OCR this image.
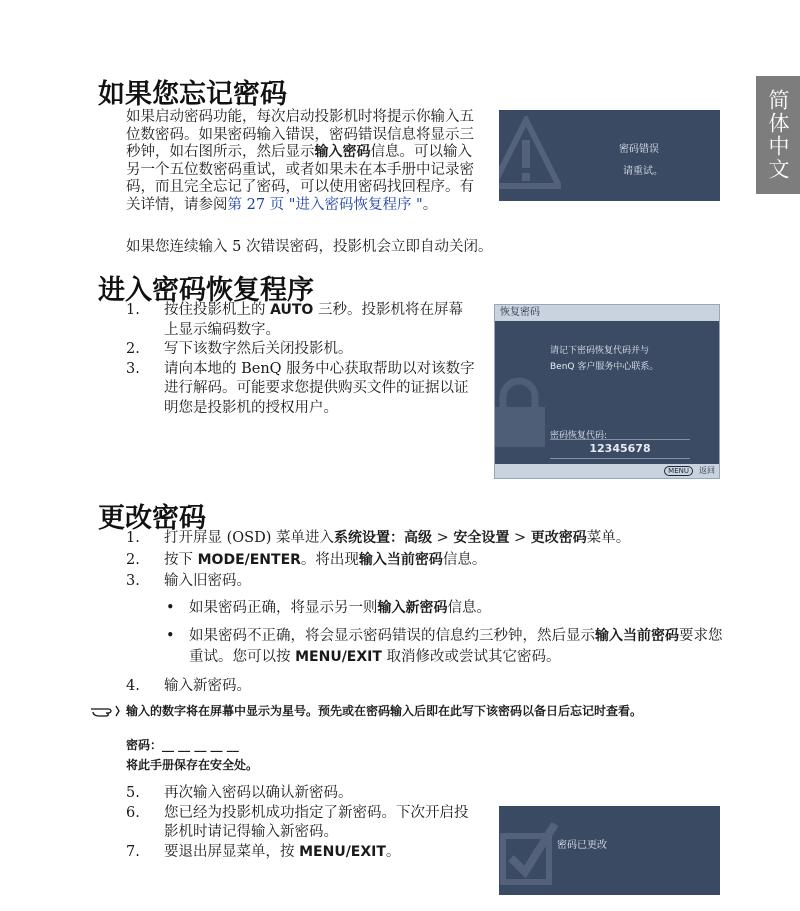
简体中文
如果您忘记密码

如果启动密码功能，每次启动投影机时将提示你输入五位数密码。如果密码输入错误，密码错误信息将显示三秒钟，如右图所示，然后显示输入密码信息。可以输入另一个五位数密码重试，或者如果未在本手册中记录密码，而且完全忘记了密码，可以使用密码找回程序。有关详情，请参阅第 27 页 "进入密码恢复程序 "。

如果您连续输入 5 次错误密码，投影机会立即自动关闭。
密码错误
请重试。
进入密码恢复程序
1. 按住投影机上的 AUTO 三秒。投影机将在屏幕上显示编码数字。
2. 写下该数字然后关闭投影机。
3. 请向本地的 BenQ 服务中心获取帮助以对该数字进行解码。可能要求您提供购买文件的证据以证明您是投影机的授权用户。
恢复密码
请记下密码恢复代码并与
BenQ 客户服务中心联系。
密码恢复代码:
12345678
MENU	返回
更改密码
1. 打开屏显 (OSD) 菜单进入系统设置：高级 > 安全设置 > 更改密码菜单。
2. 按下 MODE/ENTER。将出现输入当前密码信息。
3. 输入旧密码。
• 如果密码正确，将显示另一则输入新密码信息。
• 如果密码不正确，将会显示密码错误的信息约三秒钟，然后显示输入当前密码要求您重试。您可以按 MENU/EXIT 取消修改或尝试其它密码。
4. 输入新密码。
输入的数字将在屏幕中显示为星号。预先或在密码输入后即在此写下该密码以备日后忘记时查看。
密码：__ __ __ __ __
将此手册保存在安全处。
5. 再次输入密码以确认新密码。
6. 您已经为投影机成功指定了新密码。下次开启投影机时请记得输入新密码。
7. 要退出屏显菜单，按 MENU/EXIT。	密码已更改
